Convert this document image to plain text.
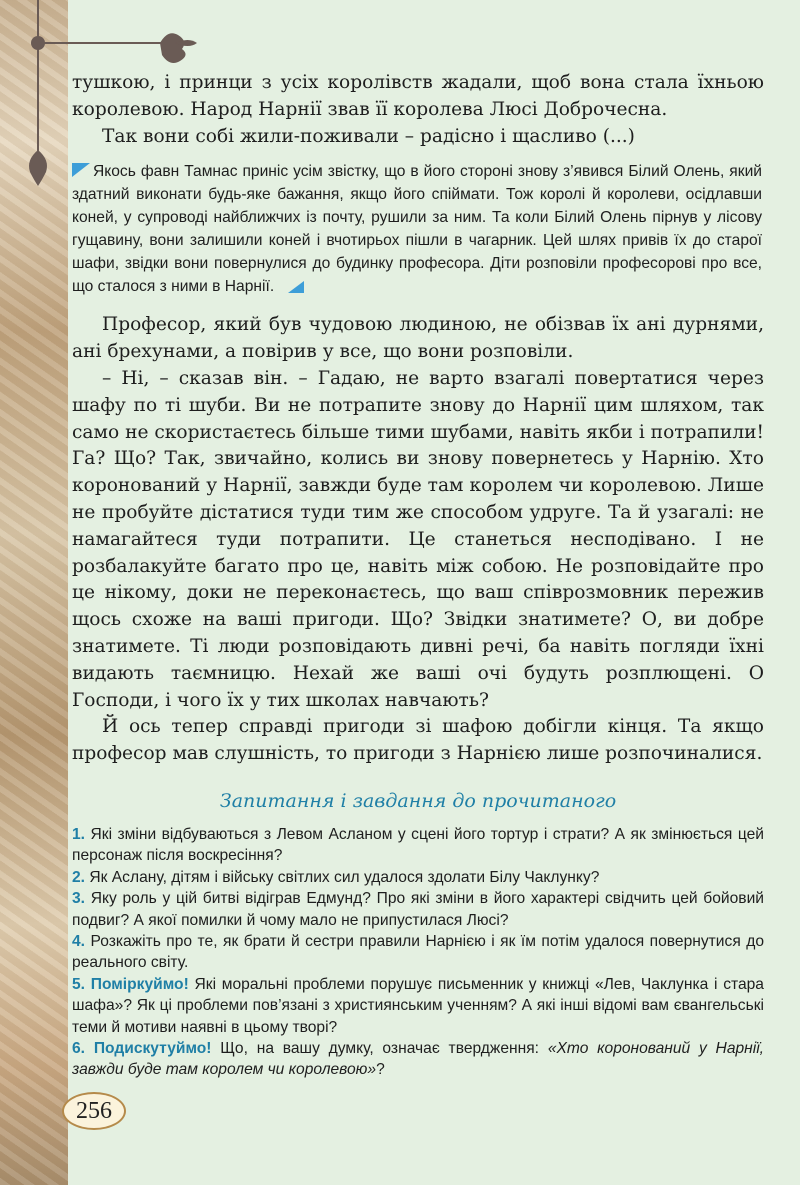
тушкою, і принци з усіх королівств жадали, щоб вона стала їхньою королевою. Народ Нарнії звав її королева Люсі Доброчесна.

Так вони собі жили-поживали – радісно і щасливо (...)

Якось фавн Тамнас приніс усім звістку, що в його стороні знову з’явився Білий Олень, який здатний виконати будь-яке бажання, якщо його спіймати. Тож королі й королеви, осідлавши коней, у супроводі найближчих із почту, рушили за ним. Та коли Білий Олень пірнув у лісову гущавину, вони залишили коней і вчотирьох пішли в чагарник. Цей шлях привів їх до старої шафи, звідки вони повернулися до будинку професора. Діти розповіли професорові про все, що сталося з ними в Нарнії.

Професор, який був чудовою людиною, не обізвав їх ані дурнями, ані брехунами, а повірив у все, що вони розповіли.

– Ні, – сказав він. – Гадаю, не варто взагалі повертатися через шафу по ті шуби. Ви не потрапите знову до Нарнії цим шляхом, так само не скористаєтесь більше тими шубами, навіть якби і потрапили! Га? Що? Так, звичайно, колись ви знову повернетесь у Нарнію. Хто коронований у Нарнії, завжди буде там королем чи королевою. Лише не пробуйте дістатися туди тим же способом удруге. Та й узагалі: не намагайтеся туди потрапити. Це станеться несподівано. І не розбалакуйте багато про це, навіть між собою. Не розповідайте про це нікому, доки не переконаєтесь, що ваш співрозмовник пережив щось схоже на ваші пригоди. Що? Звідки знатимете? О, ви добре знатимете. Ті люди розповідають дивні речі, ба навіть погляди їхні видають таємницю. Нехай же ваші очі будуть розплющені. О Господи, і чого їх у тих школах навчають?

Й ось тепер справді пригоди зі шафою добігли кінця. Та якщо професор мав слушність, то пригоди з Нарнією лише розпочиналися.

Запитання і завдання до прочитаного

1. Які зміни відбуваються з Левом Асланом у сцені його тортур і страти? А як змінюється цей персонаж після воскресіння?

2. Як Аслану, дітям і війську світлих сил удалося здолати Білу Чаклунку?

3. Яку роль у цій битві відіграв Едмунд? Про які зміни в його характері свідчить цей бойовий подвиг? А якої помилки й чому мало не припустилася Люсі?

4. Розкажіть про те, як брати й сестри правили Нарнією і як їм потім удалося повернутися до реального світу.

5. Поміркуймо! Які моральні проблеми порушує письменник у книжці «Лев, Чаклунка і стара шафа»? Як ці проблеми пов’язані з християнським ученням? А які інші відомі вам євангельські теми й мотиви наявні в цьому творі?

6. Подискутуймо! Що, на вашу думку, означає твердження: «Хто коронований у Нарнії, завжди буде там королем чи королевою»?

256
